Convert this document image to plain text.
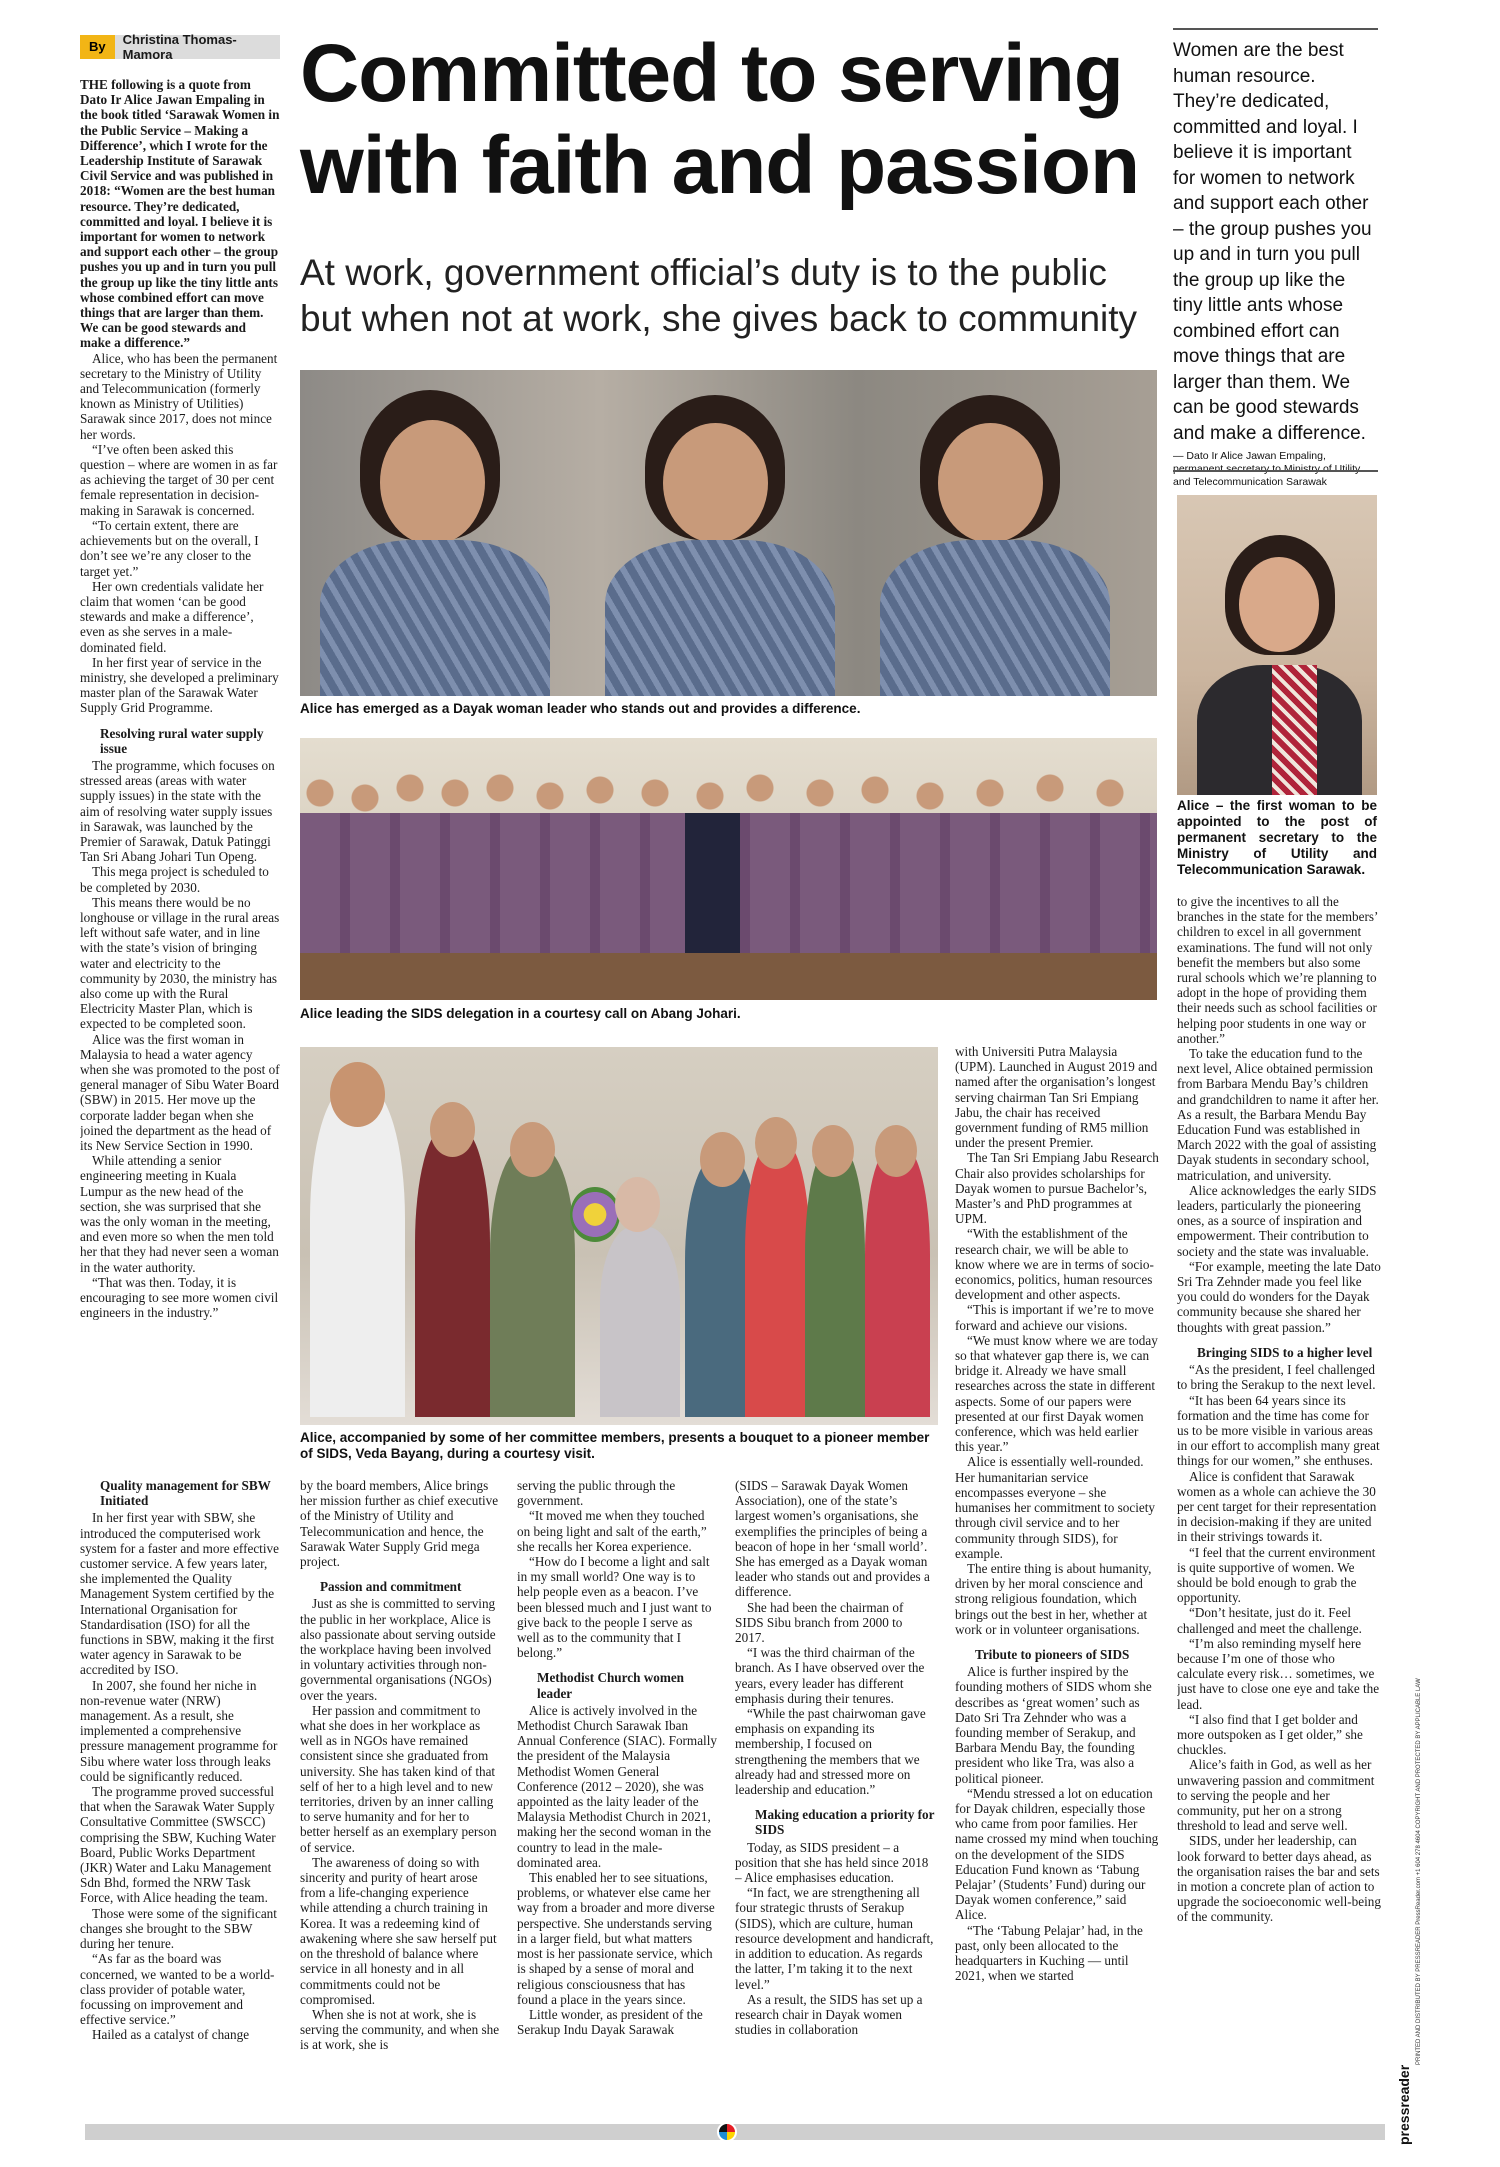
By	Christina Thomas-Mamora	Committed to serving with faith and passion
At work, government official’s duty is to the public but when not at work, she gives back to community
Women are the best human resource. They’re dedicated, committed and loyal. I believe it is important for women to network and support each other – the group pushes you up and in turn you pull the group up like the tiny little ants whose combined effort can move things that are larger than them. We can be good stewards and make a difference.
— Dato Ir Alice Jawan Empaling, permanent secretary to Ministry of Utility and Telecommunication Sarawak
Alice – the first woman to be appointed to the post of permanent secretary to the Ministry of Utility and Telecommunication Sarawak.
Alice has emerged as a Dayak woman leader who stands out and provides a difference.
Alice leading the SIDS delegation in a courtesy call on Abang Johari.
Alice, accompanied by some of her committee members, presents a bouquet to a pioneer member of SIDS, Veda Bayang, during a courtesy visit.

THE following is a quote from Dato Ir Alice Jawan Empaling in the book titled ‘Sarawak Women in the Public Service – Making a Difference’, which I wrote for the Leadership Institute of Sarawak Civil Service and was published in 2018: “Women are the best human resource. They’re dedicated, committed and loyal. I believe it is important for women to network and support each other – the group pushes you up and in turn you pull the group up like the tiny little ants whose combined effort can move things that are larger than them. We can be good stewards and make a difference.”

Alice, who has been the permanent secretary to the Ministry of Utility and Telecommunication (formerly known as Ministry of Utilities) Sarawak since 2017, does not mince her words.

“I’ve often been asked this question – where are women in as far as achieving the target of 30 per cent female representation in decision-making in Sarawak is concerned.

“To certain extent, there are achievements but on the overall, I don’t see we’re any closer to the target yet.”

Her own credentials validate her claim that women ‘can be good stewards and make a difference’, even as she serves in a male-dominated field.

In her first year of service in the ministry, she developed a preliminary master plan of the Sarawak Water Supply Grid Programme.

Resolving rural water supply issue

The programme, which focuses on stressed areas (areas with water supply issues) in the state with the aim of resolving water supply issues in Sarawak, was launched by the Premier of Sarawak, Datuk Patinggi Tan Sri Abang Johari Tun Openg.

This mega project is scheduled to be completed by 2030.

This means there would be no longhouse or village in the rural areas left without safe water, and in line with the state’s vision of bringing water and electricity to the community by 2030, the ministry has also come up with the Rural Electricity Master Plan, which is expected to be completed soon.

Alice was the first woman in Malaysia to head a water agency when she was promoted to the post of general manager of Sibu Water Board (SBW) in 2015. Her move up the corporate ladder began when she joined the department as the head of its New Service Section in 1990.

While attending a senior engineering meeting in Kuala Lumpur as the new head of the section, she was surprised that she was the only woman in the meeting, and even more so when the men told her that they had never seen a woman in the water authority.

“That was then. Today, it is encouraging to see more women civil engineers in the industry.”

Quality management for SBW Initiated

In her first year with SBW, she introduced the computerised work system for a faster and more effective customer service. A few years later, she implemented the Quality Management System certified by the International Organisation for Standardisation (ISO) for all the functions in SBW, making it the first water agency in Sarawak to be accredited by ISO.

In 2007, she found her niche in non-revenue water (NRW) management. As a result, she implemented a comprehensive pressure management programme for Sibu where water loss through leaks could be significantly reduced.

The programme proved successful that when the Sarawak Water Supply Consultative Committee (SWSCC) comprising the SBW, Kuching Water Board, Public Works Department (JKR) Water and Laku Management Sdn Bhd, formed the NRW Task Force, with Alice heading the team.

Those were some of the significant changes she brought to the SBW during her tenure.

“As far as the board was concerned, we wanted to be a world-class provider of potable water, focussing on improvement and effective service.”

Hailed as a catalyst of change

by the board members, Alice brings her mission further as chief executive of the Ministry of Utility and Telecommunication and hence, the Sarawak Water Supply Grid mega project.

Passion and commitment

Just as she is committed to serving the public in her workplace, Alice is also passionate about serving outside the workplace having been involved in voluntary activities through non-governmental organisations (NGOs) over the years.

Her passion and commitment to what she does in her workplace as well as in NGOs have remained consistent since she graduated from university. She has taken kind of that self of her to a high level and to new territories, driven by an inner calling to serve humanity and for her to better herself as an exemplary person of service.

The awareness of doing so with sincerity and purity of heart arose from a life-changing experience while attending a church training in Korea. It was a redeeming kind of awakening where she saw herself put on the threshold of balance where service in all honesty and in all commitments could not be compromised.

When she is not at work, she is serving the community, and when she is at work, she is

serving the public through the government.

“It moved me when they touched on being light and salt of the earth,” she recalls her Korea experience.

“How do I become a light and salt in my small world? One way is to help people even as a beacon. I’ve been blessed much and I just want to give back to the people I serve as well as to the community that I belong.”

Methodist Church women leader

Alice is actively involved in the Methodist Church Sarawak Iban Annual Conference (SIAC). Formally the president of the Malaysia Methodist Women General Conference (2012 – 2020), she was appointed as the laity leader of the Malaysia Methodist Church in 2021, making her the second woman in the country to lead in the male-dominated area.

This enabled her to see situations, problems, or whatever else came her way from a broader and more diverse perspective. She understands serving in a larger field, but what matters most is her passionate service, which is shaped by a sense of moral and religious consciousness that has found a place in the years since.

Little wonder, as president of the Serakup Indu Dayak Sarawak

(SIDS – Sarawak Dayak Women Association), one of the state’s largest women’s organisations, she exemplifies the principles of being a beacon of hope in her ‘small world’. She has emerged as a Dayak woman leader who stands out and provides a difference.

She had been the chairman of SIDS Sibu branch from 2000 to 2017.

“I was the third chairman of the branch. As I have observed over the years, every leader has different emphasis during their tenures.

“While the past chairwoman gave emphasis on expanding its membership, I focused on strengthening the members that we already had and stressed more on leadership and education.”

Making education a priority for SIDS

Today, as SIDS president – a position that she has held since 2018 – Alice emphasises education.

“In fact, we are strengthening all four strategic thrusts of Serakup (SIDS), which are culture, human resource development and handicraft, in addition to education. As regards the latter, I’m taking it to the next level.”

As a result, the SIDS has set up a research chair in Dayak women studies in collaboration

with Universiti Putra Malaysia (UPM). Launched in August 2019 and named after the organisation’s longest serving chairman Tan Sri Empiang Jabu, the chair has received government funding of RM5 million under the present Premier.

The Tan Sri Empiang Jabu Research Chair also provides scholarships for Dayak women to pursue Bachelor’s, Master’s and PhD programmes at UPM.

“With the establishment of the research chair, we will be able to know where we are in terms of socio-economics, politics, human resources development and other aspects.

“This is important if we’re to move forward and achieve our visions.

“We must know where we are today so that whatever gap there is, we can bridge it. Already we have small researches across the state in different aspects. Some of our papers were presented at our first Dayak women conference, which was held earlier this year.”

Alice is essentially well-rounded. Her humanitarian service encompasses everyone – she humanises her commitment to society through civil service and to her community through SIDS), for example.

The entire thing is about humanity, driven by her moral conscience and strong religious foundation, which brings out the best in her, whether at work or in volunteer organisations.

Tribute to pioneers of SIDS

Alice is further inspired by the founding mothers of SIDS whom she describes as ‘great women’ such as Dato Sri Tra Zehnder who was a founding member of Serakup, and Barbara Mendu Bay, the founding president who like Tra, was also a political pioneer.

“Mendu stressed a lot on education for Dayak children, especially those who came from poor families. Her name crossed my mind when touching on the development of the SIDS Education Fund known as ‘Tabung Pelajar’ (Students’ Fund) during our Dayak women conference,” said Alice.

“The ‘Tabung Pelajar’ had, in the past, only been allocated to the headquarters in Kuching — until 2021, when we started

to give the incentives to all the branches in the state for the members’ children to excel in all government examinations. The fund will not only benefit the members but also some rural schools which we’re planning to adopt in the hope of providing them their needs such as school facilities or helping poor students in one way or another.”

To take the education fund to the next level, Alice obtained permission from Barbara Mendu Bay’s children and grandchildren to name it after her. As a result, the Barbara Mendu Bay Education Fund was established in March 2022 with the goal of assisting Dayak students in secondary school, matriculation, and university.

Alice acknowledges the early SIDS leaders, particularly the pioneering ones, as a source of inspiration and empowerment. Their contribution to society and the state was invaluable.

“For example, meeting the late Dato Sri Tra Zehnder made you feel like you could do wonders for the Dayak community because she shared her thoughts with great passion.”

Bringing SIDS to a higher level

“As the president, I feel challenged to bring the Serakup to the next level.

“It has been 64 years since its formation and the time has come for us to be more visible in various areas in our effort to accomplish many great things for our women,” she enthuses.

Alice is confident that Sarawak women as a whole can achieve the 30 per cent target for their representation in decision-making if they are united in their strivings towards it.

“I feel that the current environment is quite supportive of women. We should be bold enough to grab the opportunity.

“Don’t hesitate, just do it. Feel challenged and meet the challenge.

“I’m also reminding myself here because I’m one of those who calculate every risk… sometimes, we just have to close one eye and take the lead.

“I also find that I get bolder and more outspoken as I get older,” she chuckles.

Alice’s faith in God, as well as her unwavering passion and commitment to serving the people and her community, put her on a strong threshold to lead and serve well.

SIDS, under her leadership, can look forward to better days ahead, as the organisation raises the bar and sets in motion a concrete plan of action to upgrade the socioeconomic well-being of the community.

pressreader
PRINTED AND DISTRIBUTED BY PRESSREADER PressReader.com +1 604 278 4604 COPYRIGHT AND PROTECTED BY APPLICABLE LAW
